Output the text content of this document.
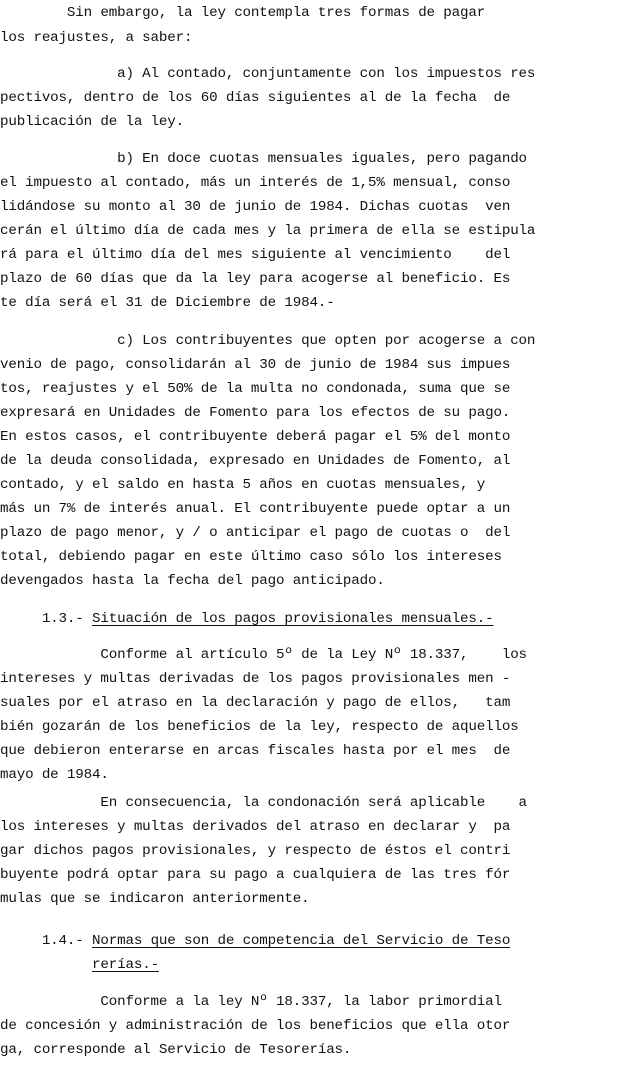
Sin embargo, la ley contempla tres formas de pagar
los reajustes, a saber:
a) Al contado, conjuntamente con los impuestos res
pectivos, dentro de los 60 días siguientes al de la fecha  de
publicación de la ley.
b) En doce cuotas mensuales iguales, pero pagando
el impuesto al contado, más un interés de 1,5% mensual, conso
lidándose su monto al 30 de junio de 1984. Dichas cuotas  ven
cerán el último día de cada mes y la primera de ella se estipula
rá para el último día del mes siguiente al vencimiento    del
plazo de 60 días que da la ley para acogerse al beneficio. Es
te día será el 31 de Diciembre de 1984.-
c) Los contribuyentes que opten por acogerse a con
venio de pago, consolidarán al 30 de junio de 1984 sus impues
tos, reajustes y el 50% de la multa no condonada, suma que se
expresará en Unidades de Fomento para los efectos de su pago.
En estos casos, el contribuyente deberá pagar el 5% del monto
de la deuda consolidada, expresado en Unidades de Fomento, al
contado, y el saldo en hasta 5 años en cuotas mensuales, y
más un 7% de interés anual. El contribuyente puede optar a un
plazo de pago menor, y / o anticipar el pago de cuotas o  del
total, debiendo pagar en este último caso sólo los intereses
devengados hasta la fecha del pago anticipado.
1.3.- Situación de los pagos provisionales mensuales.-
Conforme al artículo 5º de la Ley Nº 18.337,    los
intereses y multas derivadas de los pagos provisionales men -
suales por el atraso en la declaración y pago de ellos,   tam
bién gozarán de los beneficios de la ley, respecto de aquellos
que debieron enterarse en arcas fiscales hasta por el mes  de
mayo de 1984.
En consecuencia, la condonación será aplicable    a
los intereses y multas derivados del atraso en declarar y  pa
gar dichos pagos provisionales, y respecto de éstos el contri
buyente podrá optar para su pago a cualquiera de las tres fór
mulas que se indicaron anteriormente.
1.4.- Normas que son de competencia del Servicio de Teso
rerías.-
Conforme a la ley Nº 18.337, la labor primordial
de concesión y administración de los beneficios que ella otor
ga, corresponde al Servicio de Tesorerías.
